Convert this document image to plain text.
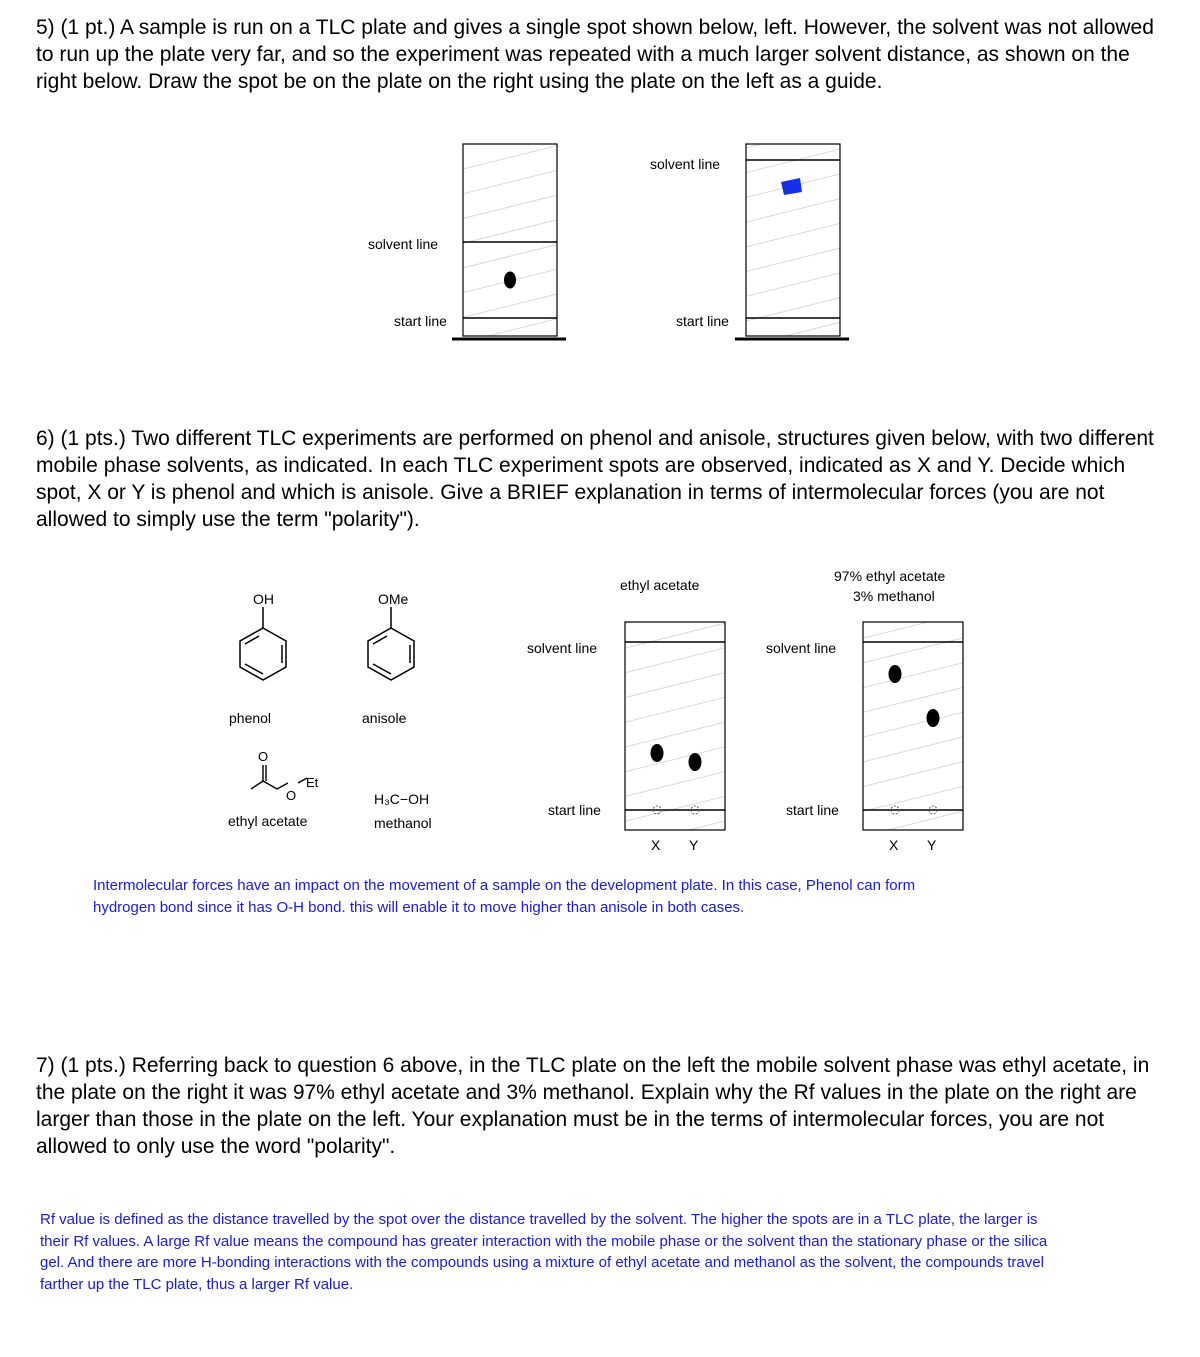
5) (1 pt.) A sample is run on a TLC plate and gives a single spot shown below, left. However, the solvent was not allowed to run up the plate very far, and so the experiment was repeated with a much larger solvent distance, as shown on the right below. Draw the spot be on the plate on the right using the plate on the left as a guide.

6) (1 pts.) Two different TLC experiments are performed on phenol and anisole, structures given below, with two different mobile phase solvents, as indicated. In each TLC experiment spots are observed, indicated as X and Y. Decide which spot, X or Y is phenol and which is anisole. Give a BRIEF explanation in terms of intermolecular forces (you are not allowed to simply use the term "polarity").

7) (1 pts.) Referring back to question 6 above, in the TLC plate on the left the mobile solvent phase was ethyl acetate, in the plate on the right it was 97% ethyl acetate and 3% methanol. Explain why the Rf values in the plate on the right are larger than those in the plate on the left. Your explanation must be in the terms of intermolecular forces, you are not allowed to only use the word "polarity".

solvent line
start line
solvent line
start line
OH
phenol
OMe
anisole
O
O
Et
ethyl acetate
H₃C−OH
methanol
ethyl acetate
solvent line
start line
X Y
97% ethyl acetate
3% methanol
solvent line
start line
X Y

Intermolecular forces have an impact on the movement of a sample on the development plate. In this case, Phenol can form hydrogen bond since it has O-H bond. this will enable it to move higher than anisole in both cases.

Rf value is defined as the distance travelled by the spot over the distance travelled by the solvent. The higher the spots are in a TLC plate, the larger is their Rf values. A large Rf value means the compound has greater interaction with the mobile phase or the solvent than the stationary phase or the silica gel. And there are more H-bonding interactions with the compounds using a mixture of ethyl acetate and methanol as the solvent, the compounds travel farther up the TLC plate, thus a larger Rf value.
